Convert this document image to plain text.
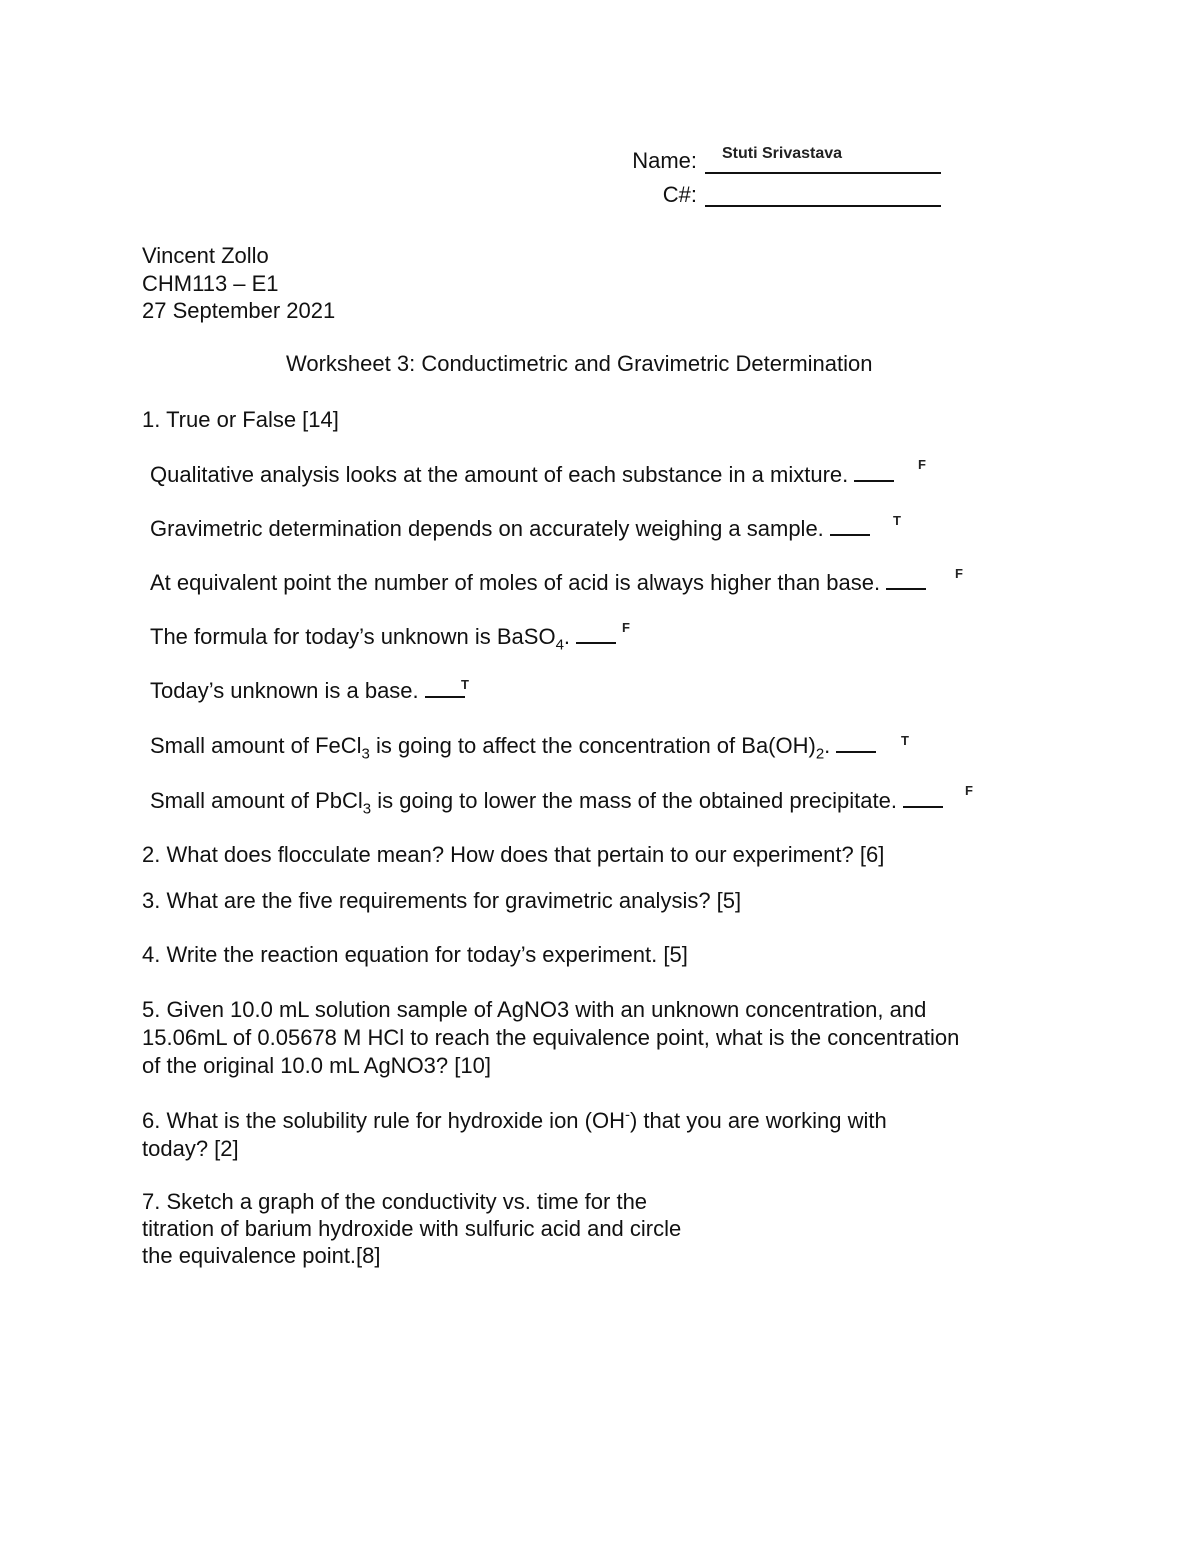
Name: Stuti Srivastava
C#:
Vincent Zollo
CHM113 – E1
27 September 2021
Worksheet 3: Conductimetric and Gravimetric Determination
1. True or False [14]
Qualitative analysis looks at the amount of each substance in a mixture.	F
Gravimetric determination depends on accurately weighing a sample.	T
At equivalent point the number of moles of acid is always higher than base.	F
The formula for today’s unknown is BaSO$_4$.	F
Today’s unknown is a base.	T
Small amount of FeCl$_3$ is going to affect the concentration of $Ba(OH)_2$.	T
Small amount of PbCl$_3$ is going to lower the mass of the obtained precipitate.	F
2. What does flocculate mean? How does that pertain to our experiment? [6]
3. What are the five requirements for gravimetric analysis? [5]
4. Write the reaction equation for today’s experiment. [5]
5. Given 10.0 mL solution sample of AgNO3 with an unknown concentration, and
15.06mL of 0.05678 M HCl to reach the equivalence point, what is the concentration
of the original 10.0 mL AgNO3? [10]
6. What is the solubility rule for hydroxide ion (OH-) that you are working with
today? [2]
7. Sketch a graph of the conductivity vs. time for the
titration of barium hydroxide with sulfuric acid and circle
the equivalence point.[8]
